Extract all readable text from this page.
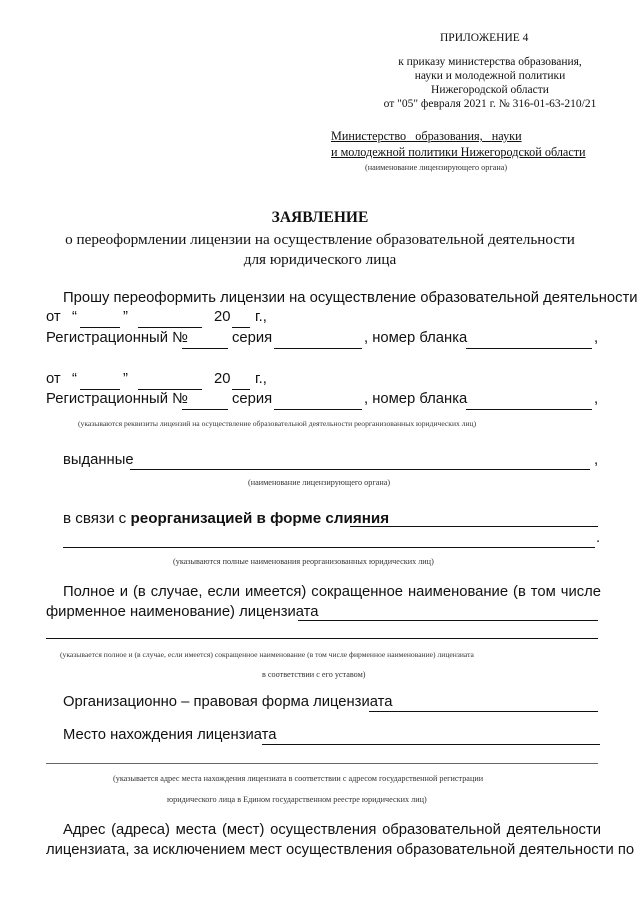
ПРИЛОЖЕНИЕ 4
к приказу министерства образования,
науки и молодежной политики
Нижегородской области
от "05" февраля 2021 г. № 316-01-63-210/21
Министерство   образования,   науки
и молодежной политики Нижегородской области
(наименование лицензирующего органа)
ЗАЯВЛЕНИЕ
о переоформлении лицензии на осуществление образовательной деятельности
для юридического лица
Прошу переоформить лицензии на осуществление образовательной деятельности
от “	”	20 г.,
Регистрационный №	серия	, номер бланка	,
от “	”	20 г.,
Регистрационный №	серия	, номер бланка	,
(указываются реквизиты лицензий на осуществление образовательной деятельности реорганизованных юридических лиц)
выданные	,
(наименование лицензирующего органа)
в связи с реорганизацией в форме слияния
.
(указываются полные наименования реорганизованных юридических лиц)
Полное и (в случае, если имеется) сокращенное наименование (в том числе
фирменное наименование) лицензиата
(указывается полное и (в случае, если имеется) сокращенное наименование (в том числе фирменное наименование) лицензиата
в соответствии с его уставом)
Организационно – правовая форма лицензиата
Место нахождения лицензиата
(указывается адрес места нахождения лицензиата в соответствии с адресом государственной регистрации
юридического лица в Едином государственном реестре юридических лиц)
Адрес (адреса) места (мест) осуществления образовательной деятельности
лицензиата, за исключением мест осуществления образовательной деятельности по
